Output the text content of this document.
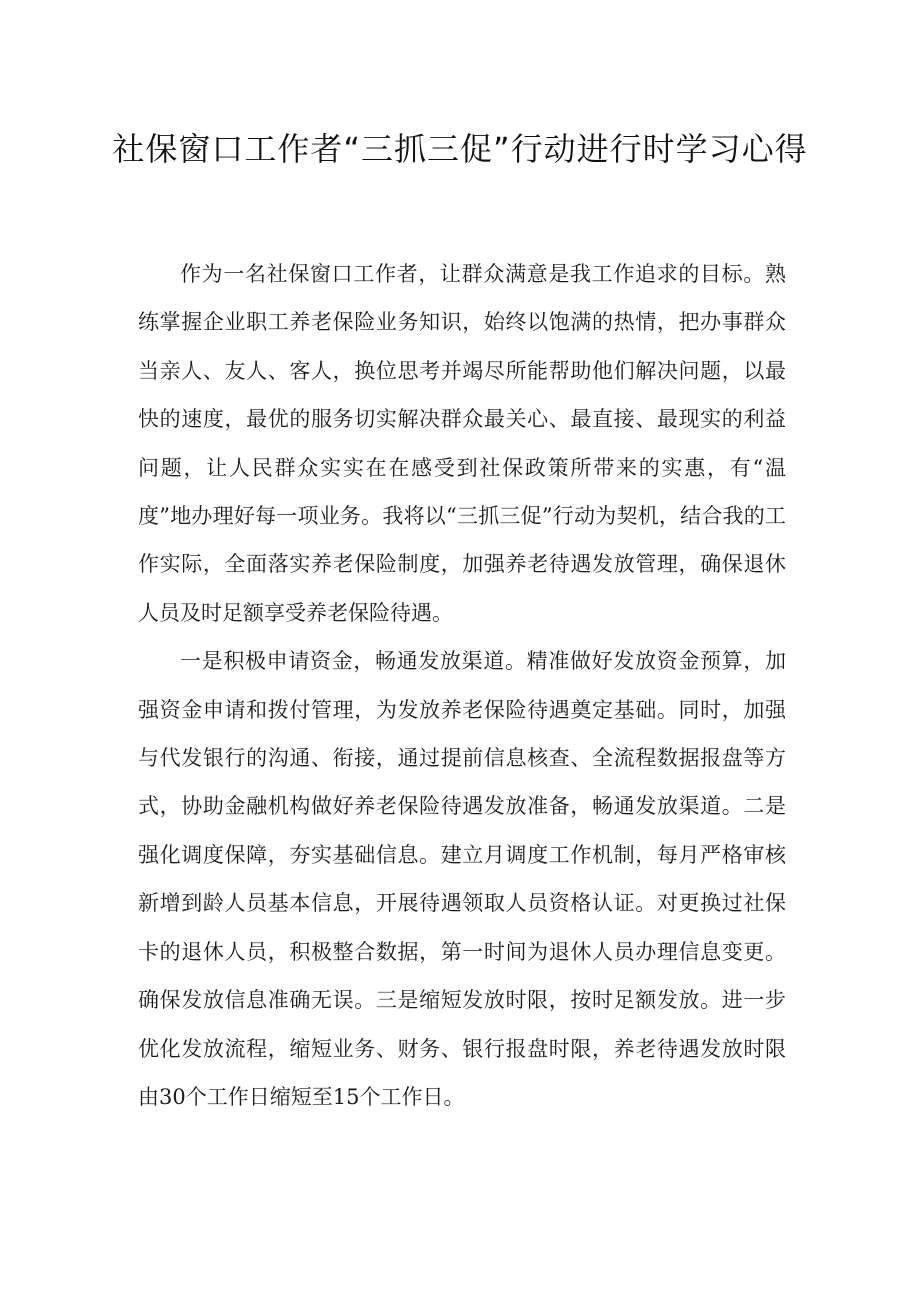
社保窗口工作者“三抓三促”行动进行时学习心得

作为一名社保窗口工作者，让群众满意是我工作追求的目标。熟练掌握企业职工养老保险业务知识，始终以饱满的热情，把办事群众当亲人、友人、客人，换位思考并竭尽所能帮助他们解决问题，以最快的速度，最优的服务切实解决群众最关心、最直接、最现实的利益问题，让人民群众实实在在感受到社保政策所带来的实惠，有“温度”地办理好每一项业务。我将以“三抓三促”行动为契机，结合我的工作实际，全面落实养老保险制度，加强养老待遇发放管理，确保退休人员及时足额享受养老保险待遇。

一是积极申请资金，畅通发放渠道。精准做好发放资金预算，加强资金申请和拨付管理，为发放养老保险待遇奠定基础。同时，加强与代发银行的沟通、衔接，通过提前信息核查、全流程数据报盘等方式，协助金融机构做好养老保险待遇发放准备，畅通发放渠道。二是强化调度保障，夯实基础信息。建立月调度工作机制，每月严格审核新增到龄人员基本信息，开展待遇领取人员资格认证。对更换过社保卡的退休人员，积极整合数据，第一时间为退休人员办理信息变更。确保发放信息准确无误。三是缩短发放时限，按时足额发放。进一步优化发放流程，缩短业务、财务、银行报盘时限，养老待遇发放时限由30个工作日缩短至15个工作日。
